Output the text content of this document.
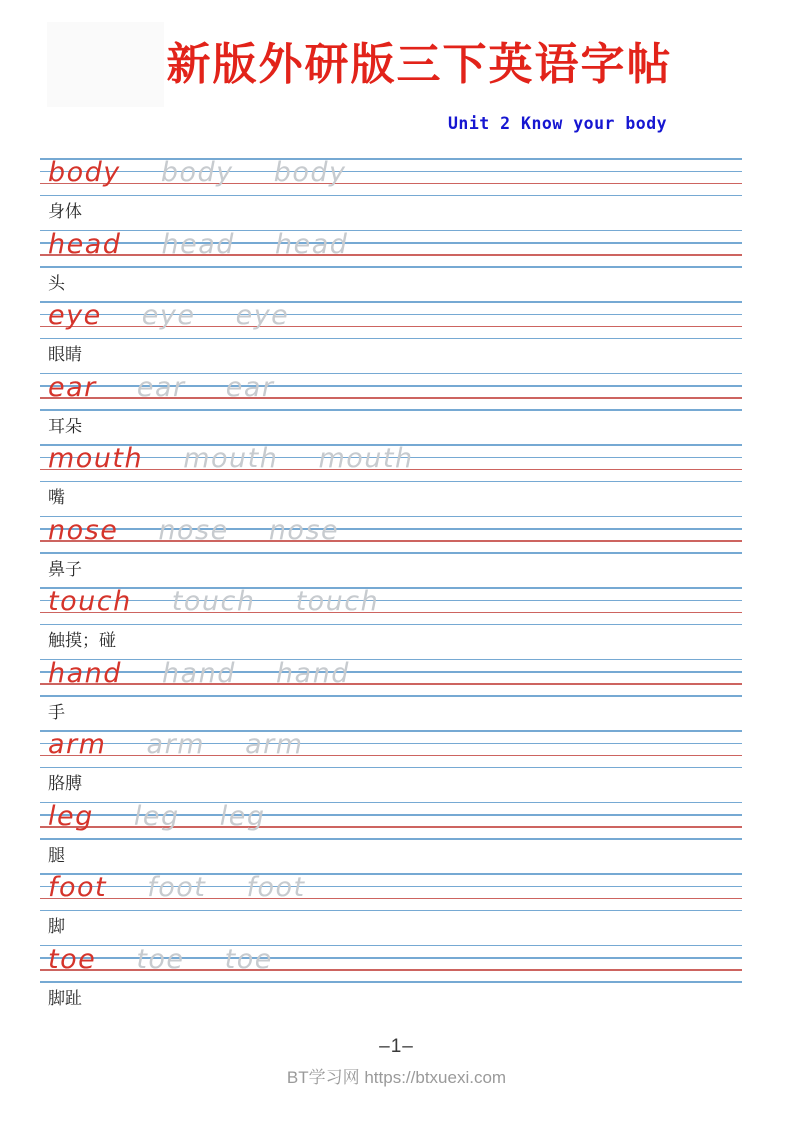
新版外研版三下英语字帖
Unit 2 Know your body
body body body
身体
head head head
头
eye eye eye
眼睛
ear ear ear
耳朵
mouth mouth mouth
嘴
nose nose nose
鼻子
touch touch touch
触摸；碰
hand hand hand
手
arm arm arm
胳膊
leg leg leg
腿
foot foot foot
脚
toe toe toe
脚趾
–1–
BT学习网 https://btxuexi.com
